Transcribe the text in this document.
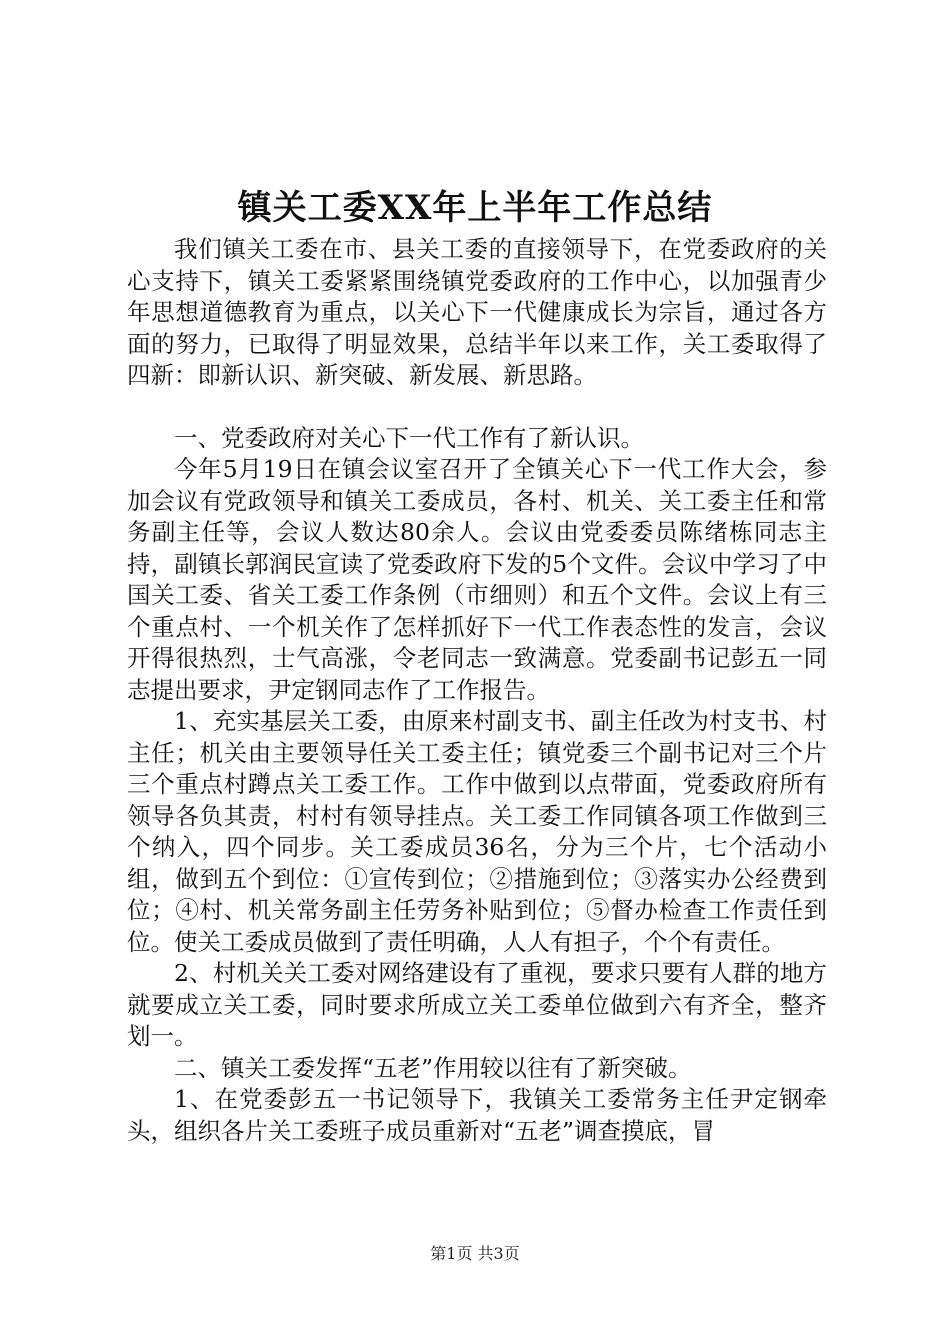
镇关工委XX年上半年工作总结

我们镇关工委在市、县关工委的直接领导下，在党委政府的关心支持下，镇关工委紧紧围绕镇党委政府的工作中心，以加强青少年思想道德教育为重点，以关心下一代健康成长为宗旨，通过各方面的努力，已取得了明显效果，总结半年以来工作，关工委取得了四新：即新认识、新突破、新发展、新思路。

一、党委政府对关心下一代工作有了新认识。

今年5月19日在镇会议室召开了全镇关心下一代工作大会，参加会议有党政领导和镇关工委成员，各村、机关、关工委主任和常务副主任等，会议人数达80余人。会议由党委委员陈绪栋同志主持，副镇长郭润民宣读了党委政府下发的5个文件。会议中学习了中国关工委、省关工委工作条例（市细则）和五个文件。会议上有三个重点村、一个机关作了怎样抓好下一代工作表态性的发言，会议开得很热烈，士气高涨，令老同志一致满意。党委副书记彭五一同志提出要求，尹定钢同志作了工作报告。

1、充实基层关工委，由原来村副支书、副主任改为村支书、村主任；机关由主要领导任关工委主任；镇党委三个副书记对三个片三个重点村蹲点关工委工作。工作中做到以点带面，党委政府所有领导各负其责，村村有领导挂点。关工委工作同镇各项工作做到三个纳入，四个同步。关工委成员36名，分为三个片，七个活动小组，做到五个到位：①宣传到位；②措施到位；③落实办公经费到位；④村、机关常务副主任劳务补贴到位；⑤督办检查工作责任到位。使关工委成员做到了责任明确，人人有担子，个个有责任。

2、村机关关工委对网络建设有了重视，要求只要有人群的地方就要成立关工委，同时要求所成立关工委单位做到六有齐全，整齐划一。

二、镇关工委发挥“五老”作用较以往有了新突破。

1、在党委彭五一书记领导下，我镇关工委常务主任尹定钢牵头，组织各片关工委班子成员重新对“五老”调查摸底，冒

第1页 共3页
